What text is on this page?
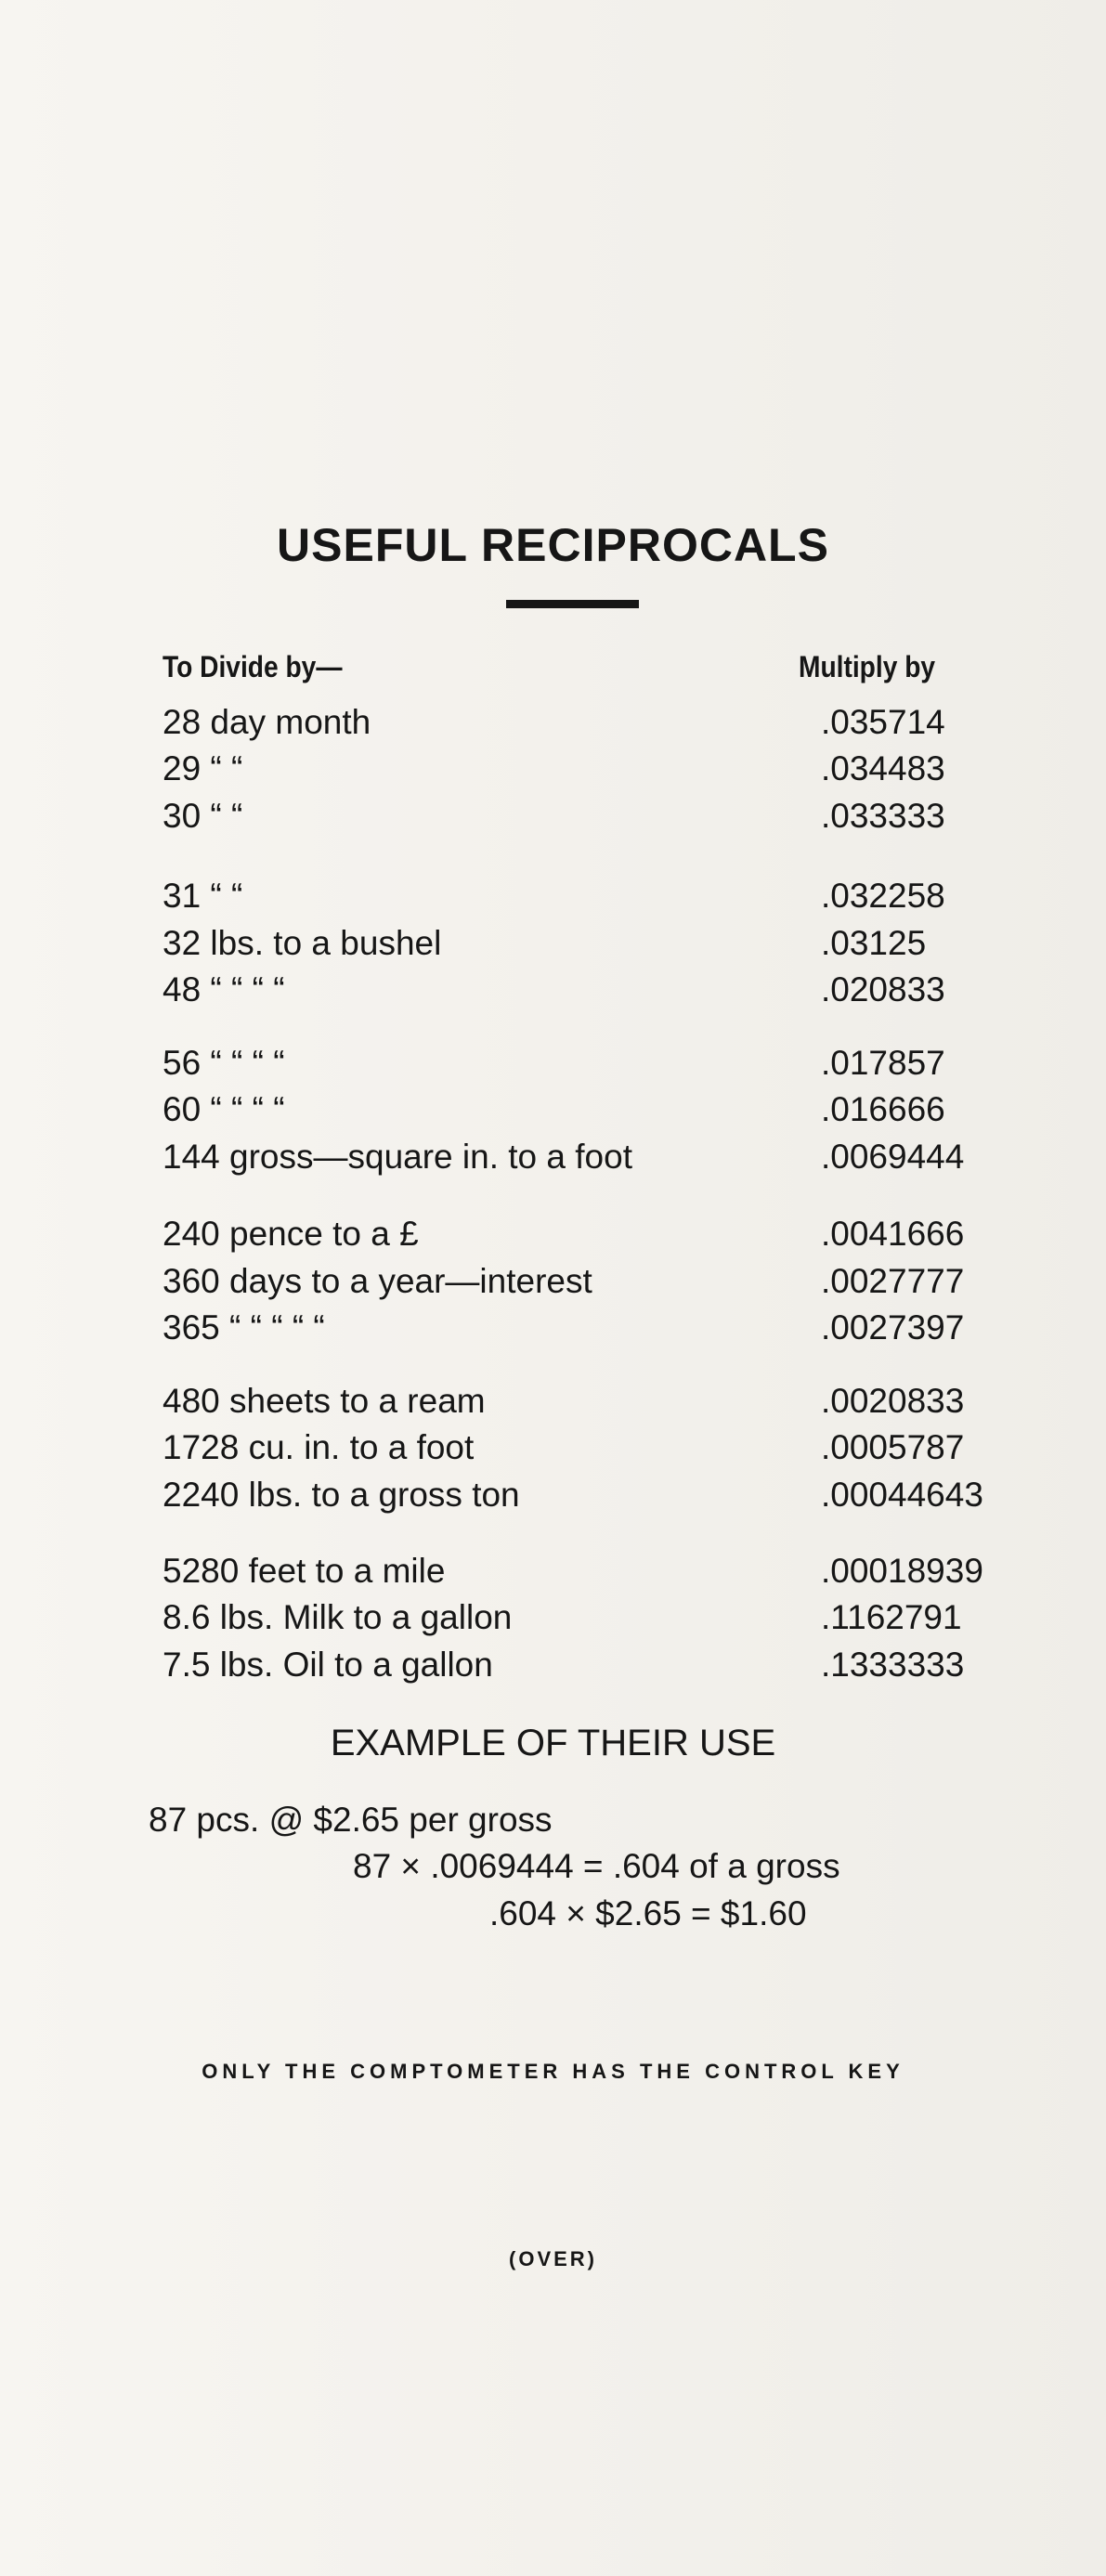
USEFUL RECIPROCALS
To Divide by—	Multiply by
28 day month	.035714
29 “ “	.034483
30 “ “	.033333
31 “ “	.032258
32 lbs. to a bushel	.03125
48 “ “ “ “	.020833
56 “ “ “ “	.017857
60 “ “ “ “	.016666
144 gross—square in. to a foot	.0069444
240 pence to a £	.0041666
360 days to a year—interest	.0027777
365 “ “ “ “ “	.0027397
480 sheets to a ream	.0020833
1728 cu. in. to a foot	.0005787
2240 lbs. to a gross ton	.00044643
5280 feet to a mile	.00018939
8.6 lbs. Milk to a gallon	.1162791
7.5 lbs. Oil to a gallon	.1333333
EXAMPLE OF THEIR USE
87 pcs. @ $2.65 per gross
87 × .0069444 = .604 of a gross
.604 × $2.65 = $1.60
ONLY THE COMPTOMETER HAS THE CONTROL KEY
(OVER)
